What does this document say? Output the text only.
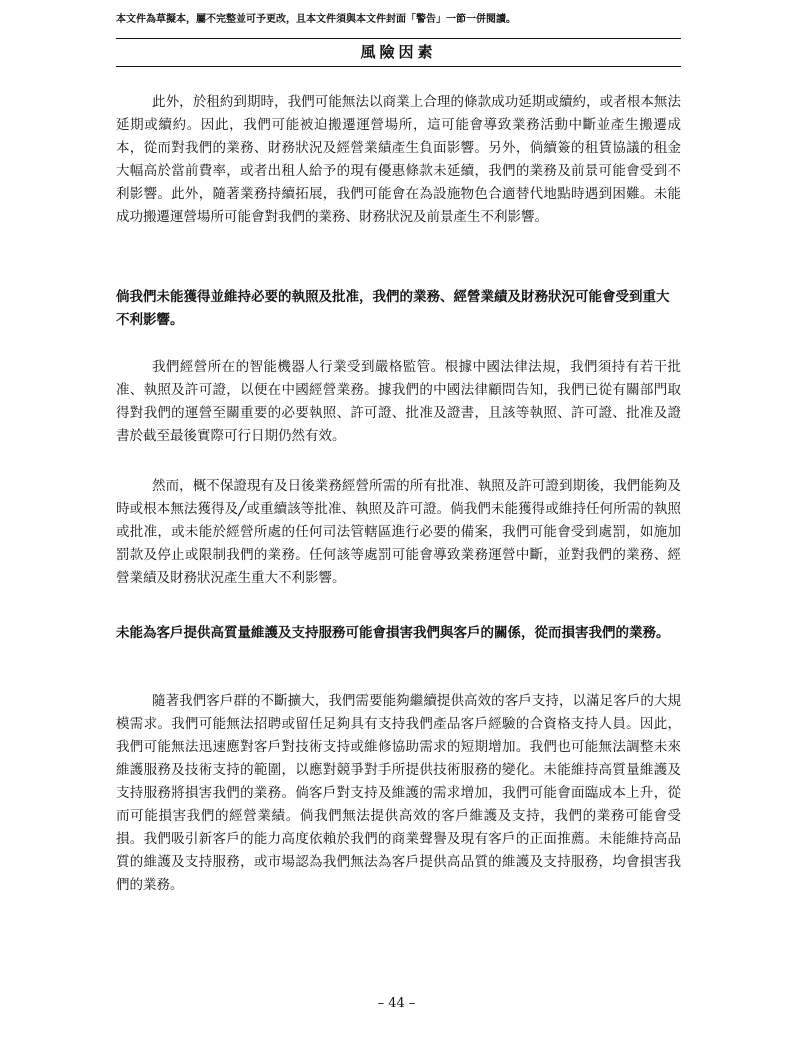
本文件為草擬本，屬不完整並可予更改，且本文件須與本文件封面「警告」一節一併閱讀。
風險因素

此外，於租約到期時，我們可能無法以商業上合理的條款成功延期或續約，或者根本無法延期或續約。因此，我們可能被迫搬遷運營場所，這可能會導致業務活動中斷並產生搬遷成本，從而對我們的業務、財務狀況及經營業績產生負面影響。另外，倘續簽的租賃協議的租金大幅高於當前費率，或者出租人給予的現有優惠條款未延續，我們的業務及前景可能會受到不利影響。此外，隨著業務持續拓展，我們可能會在為設施物色合適替代地點時遇到困難。未能成功搬遷運營場所可能會對我們的業務、財務狀況及前景產生不利影響。

倘我們未能獲得並維持必要的執照及批准，我們的業務、經營業績及財務狀況可能會受到重大不利影響。

我們經營所在的智能機器人行業受到嚴格監管。根據中國法律法規，我們須持有若干批准、執照及許可證，以便在中國經營業務。據我們的中國法律顧問告知，我們已從有關部門取得對我們的運營至關重要的必要執照、許可證、批准及證書，且該等執照、許可證、批准及證書於截至最後實際可行日期仍然有效。

然而，概不保證現有及日後業務經營所需的所有批准、執照及許可證到期後，我們能夠及時或根本無法獲得及╱或重續該等批准、執照及許可證。倘我們未能獲得或維持任何所需的執照或批准，或未能於經營所處的任何司法管轄區進行必要的備案，我們可能會受到處罰，如施加罰款及停止或限制我們的業務。任何該等處罰可能會導致業務運營中斷，並對我們的業務、經營業績及財務狀況產生重大不利影響。

未能為客戶提供高質量維護及支持服務可能會損害我們與客戶的關係，從而損害我們的業務。

隨著我們客戶群的不斷擴大，我們需要能夠繼續提供高效的客戶支持，以滿足客戶的大規模需求。我們可能無法招聘或留任足夠具有支持我們產品客戶經驗的合資格支持人員。因此，我們可能無法迅速應對客戶對技術支持或維修協助需求的短期增加。我們也可能無法調整未來維護服務及技術支持的範圍，以應對競爭對手所提供技術服務的變化。未能維持高質量維護及支持服務將損害我們的業務。倘客戶對支持及維護的需求增加，我們可能會面臨成本上升，從而可能損害我們的經營業績。倘我們無法提供高效的客戶維護及支持，我們的業務可能會受損。我們吸引新客戶的能力高度依賴於我們的商業聲譽及現有客戶的正面推薦。未能維持高品質的維護及支持服務，或市場認為我們無法為客戶提供高品質的維護及支持服務，均會損害我們的業務。

– 44 –
